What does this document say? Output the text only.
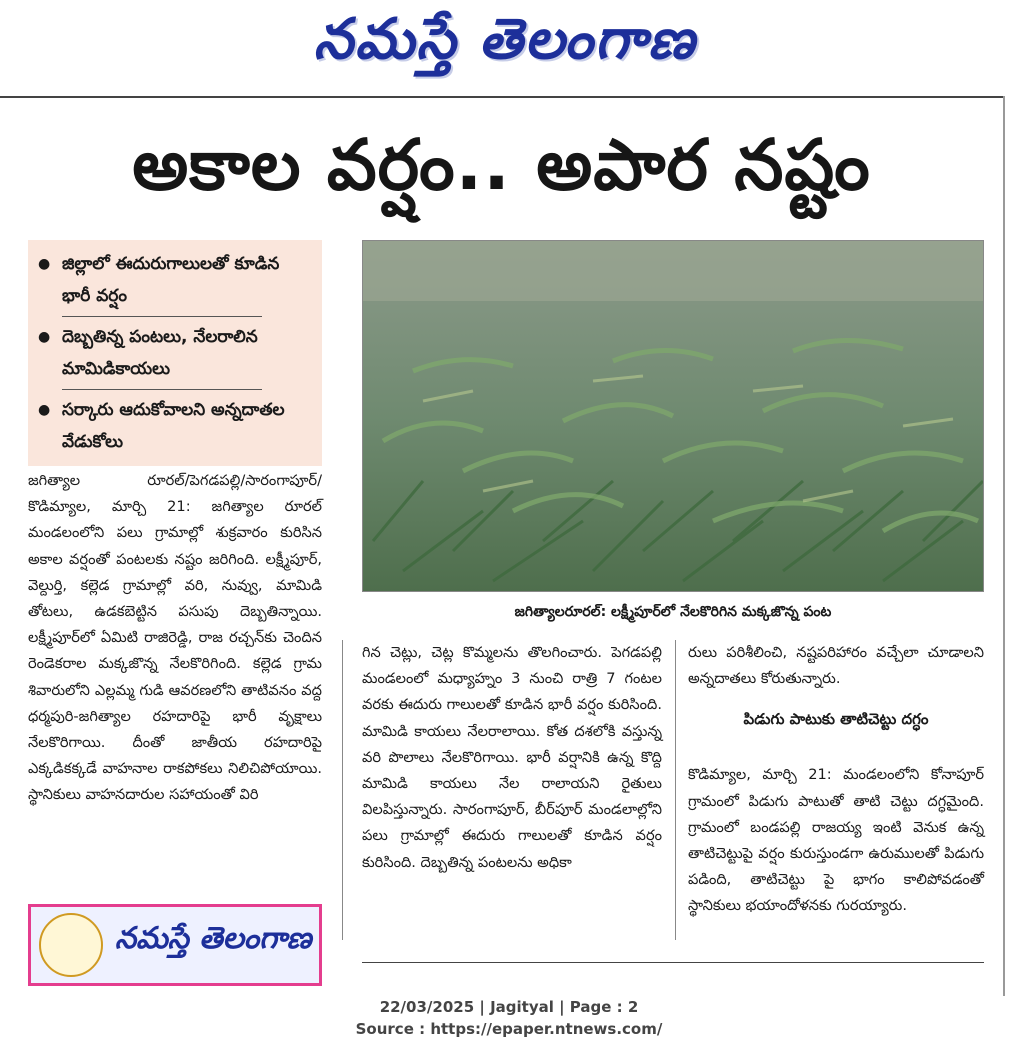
నమస్తే తెలంగాణ
అకాల వర్షం.. అపార నష్టం
● జిల్లాలో ఈదురుగాలులతో కూడిన భారీ వర్షం
● దెబ్బతిన్న పంటలు, నేలరాలిన మామిడికాయలు
● సర్కారు ఆదుకోవాలని అన్నదాతల వేడుకోలు
జగిత్యాలరూరల్: లక్ష్మీపూర్‌లో నేలకొరిగిన మక్కజొన్న పంట
జగిత్యాల రూరల్/పెగడపల్లి/సారంగాపూర్/కొడిమ్యాల, మార్చి 21: జగిత్యాల రూరల్ మండలంలోని పలు గ్రామాల్లో శుక్రవారం కురిసిన అకాల వర్షంతో పంటలకు నష్టం జరిగింది. లక్ష్మీపూర్, వెల్దుర్తి, కల్లెడ గ్రామాల్లో వరి, నువ్వు, మామిడి తోటలు, ఉడకబెట్టిన పసుపు దెబ్బతిన్నాయి. లక్ష్మీపూర్‌లో ఏమిటి రాజిరెడ్డి, రాజ రచ్చన్‌కు చెందిన రెండెకరాల మక్కజొన్న నేలకొరిగింది. కల్లెడ గ్రామ శివారులోని ఎల్లమ్మ గుడి ఆవరణలోని తాటివనం వద్ద ధర్మపురి-జగిత్యాల రహదారిపై భారీ వృక్షాలు నేలకొరిగాయి. దీంతో జాతీయ రహదారిపై ఎక్కడికక్కడే వాహనాల రాకపోకలు నిలిచిపోయాయి. స్థానికులు వాహనదారుల సహాయంతో విరి
గిన చెట్లు, చెట్ల కొమ్మలను తొలగించారు. పెగడపల్లి మండలంలో మధ్యాహ్నం 3 నుంచి రాత్రి 7 గంటల వరకు ఈదురు గాలులతో కూడిన భారీ వర్షం కురిసింది. మామిడి కాయలు నేలరాలాయి. కోత దశలోకి వస్తున్న వరి పొలాలు నేలకొరిగాయి. భారీ వర్షానికి ఉన్న కొద్ది మామిడి కాయలు నేల రాలాయని రైతులు విలపిస్తున్నారు. సారంగాపూర్, బీర్‌పూర్ మండలాల్లోని పలు గ్రామాల్లో ఈదురు గాలులతో కూడిన వర్షం కురిసింది. దెబ్బతిన్న పంటలను అధికా
రులు పరిశీలించి, నష్టపరిహారం వచ్చేలా చూడాలని అన్నదాతలు కోరుతున్నారు.
కొడిమ్యాల, మార్చి 21: మండలంలోని కోనాపూర్ గ్రామంలో పిడుగు పాటుతో తాటి చెట్టు దగ్ధమైంది. గ్రామంలో బండపల్లి రాజయ్య ఇంటి వెనుక ఉన్న తాటిచెట్టుపై వర్షం కురుస్తుండగా ఉరుములతో పిడుగు పడింది, తాటిచెట్టు పై భాగం కాలిపోవడంతో స్థానికులు భయాందోళనకు గురయ్యారు.
పిడుగు పాటుకు తాటిచెట్టు దగ్ధం
నమస్తే తెలంగాణ
22/03/2025 | Jagityal | Page : 2
Source : https://epaper.ntnews.com/
